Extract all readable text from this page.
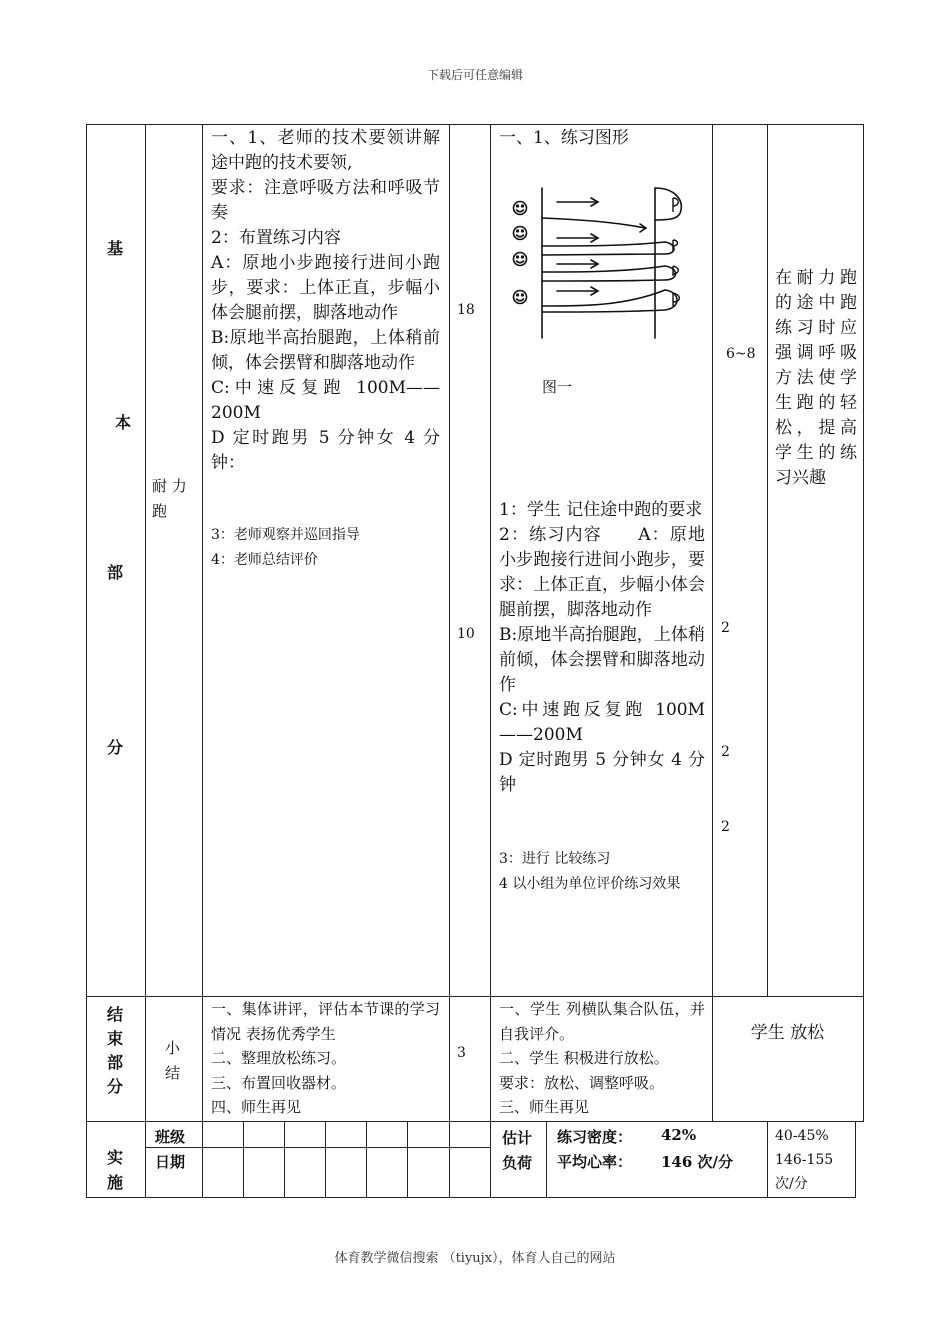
下载后可任意编辑
体育教学微信搜索 （tiyujx），体育人自己的网站
基
本
部
分
耐 力 跑

一、1、老师的技术要领讲解途中跑的技术要领,

要求：注意呼吸方法和呼吸节奏

2：布置练习内容

A：原地小步跑接行进间小跑步，要求：上体正直，步幅小体会腿前摆，脚落地动作

B:原地半高抬腿跑，上体稍前倾，体会摆臂和脚落地动作

C:中速反复跑 100M——200M

D 定时跑男 5 分钟女 4 分钟：

3：老师观察并巡回指导

4：老师总结评价

18
10
一、1、练习图形
图一

1：学生 记住途中跑的要求

2：练习内容　　A：原地小步跑接行进间小跑步，要求：上体正直，步幅小体会腿前摆，脚落地动作

B:原地半高抬腿跑，上体稍前倾，体会摆臂和脚落地动作

C:中速跑反复跑 100M——200M

D 定时跑男 5 分钟女 4 分钟

3：进行 比较练习

4 以小组为单位评价练习效果

6~8
2
2
2
在耐力跑的途中跑练习时应强调呼吸方法使学生跑的轻松，提高学生的练习兴趣
结
束
部
分
小 结

一、集体讲评，评估本节课的学习情况 表扬优秀学生

二、整理放松练习。

三、布置回收器材。

四、师生再见

3

一、学生 列横队集合队伍，并自我评介。

二、学生 积极进行放松。

要求：放松、调整呼吸。

三、师生再见

学生 放松
实
施
班级
日期
估计
负荷
练习密度： 42%
平均心率： 146 次/分
40-45%
146-155
次/分
